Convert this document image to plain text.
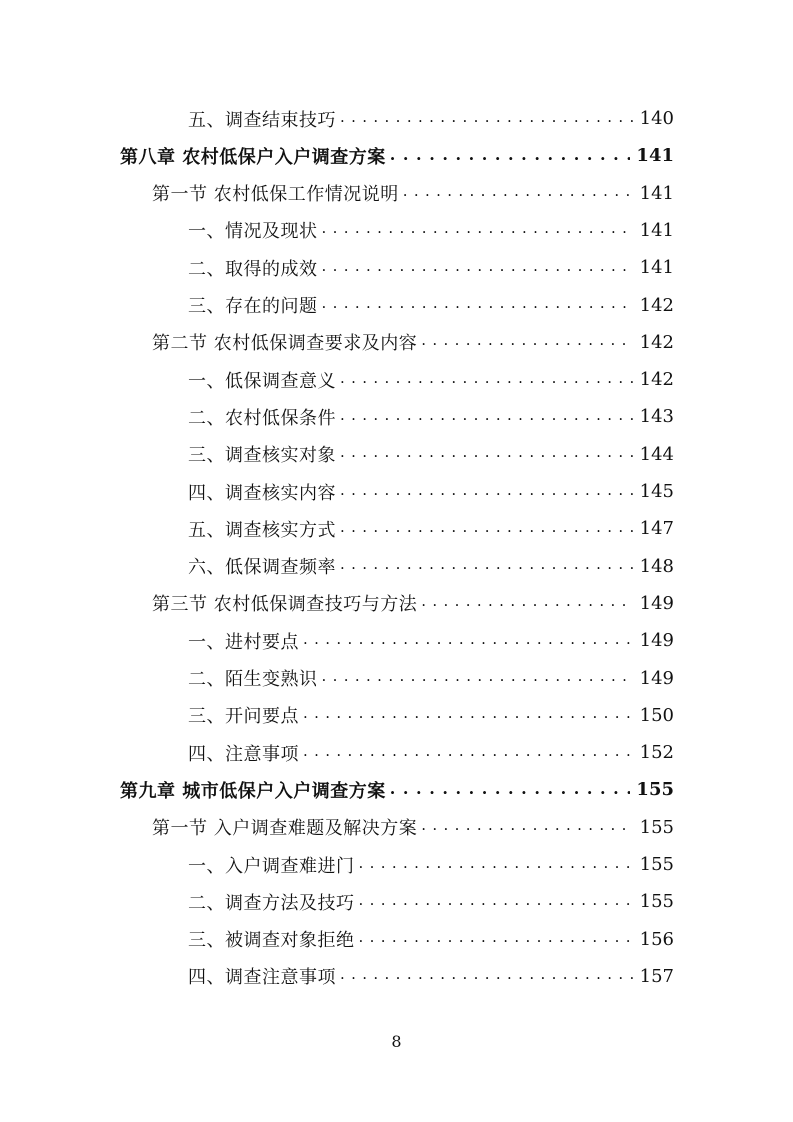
五、调查结束技巧 . . .	140
第八章 农村低保户入户调查方案 . . .	141
第一节 农村低保工作情况说明 . . .	141
一、情况及现状 . . .	141
二、取得的成效 . . .	141
三、存在的问题 . . .	142
第二节 农村低保调查要求及内容 . . .	142
一、低保调查意义 . . .	142
二、农村低保条件 . . .	143
三、调查核实对象 . . .	144
四、调查核实内容 . . .	145
五、调查核实方式 . . .	147
六、低保调查频率 . . .	148
第三节 农村低保调查技巧与方法 . . .	149
一、进村要点 . . .	149
二、陌生变熟识 . . .	149
三、开问要点 . . .	150
四、注意事项 . . .	152
第九章 城市低保户入户调查方案 . . .	155
第一节 入户调查难题及解决方案 . . .	155
一、入户调查难进门 . . .	155
二、调查方法及技巧 . . .	155
三、被调查对象拒绝 . . .	156
四、调查注意事项 . . .	157
8
